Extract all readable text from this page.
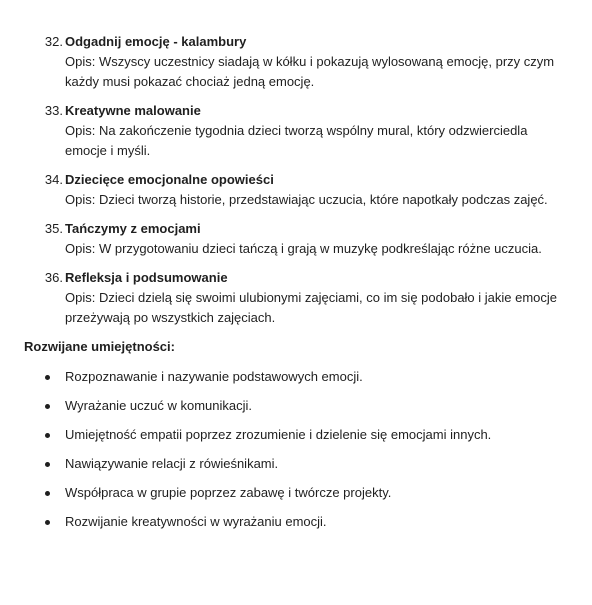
32. Odgadnij emocję - kalambury
Opis: Wszyscy uczestnicy siadają w kółku i pokazują wylosowaną emocję, przy czym każdy musi pokazać chociaż jedną emocję.
33. Kreatywne malowanie
Opis: Na zakończenie tygodnia dzieci tworzą wspólny mural, który odzwierciedla emocje i myśli.
34. Dziecięce emocjonalne opowieści
Opis: Dzieci tworzą historie, przedstawiając uczucia, które napotkały podczas zajęć.
35. Tańczymy z emocjami
Opis: W przygotowaniu dzieci tańczą i grają w muzykę podkreślając różne uczucia.
36. Refleksja i podsumowanie
Opis: Dzieci dzielą się swoimi ulubionymi zajęciami, co im się podobało i jakie emocje przeżywają po wszystkich zajęciach.
Rozwijane umiejętności:
Rozpoznawanie i nazywanie podstawowych emocji.
Wyrażanie uczuć w komunikacji.
Umiejętność empatii poprzez zrozumienie i dzielenie się emocjami innych.
Nawiązywanie relacji z rówieśnikami.
Współpraca w grupie poprzez zabawę i twórcze projekty.
Rozwijanie kreatywności w wyrażaniu emocji.
